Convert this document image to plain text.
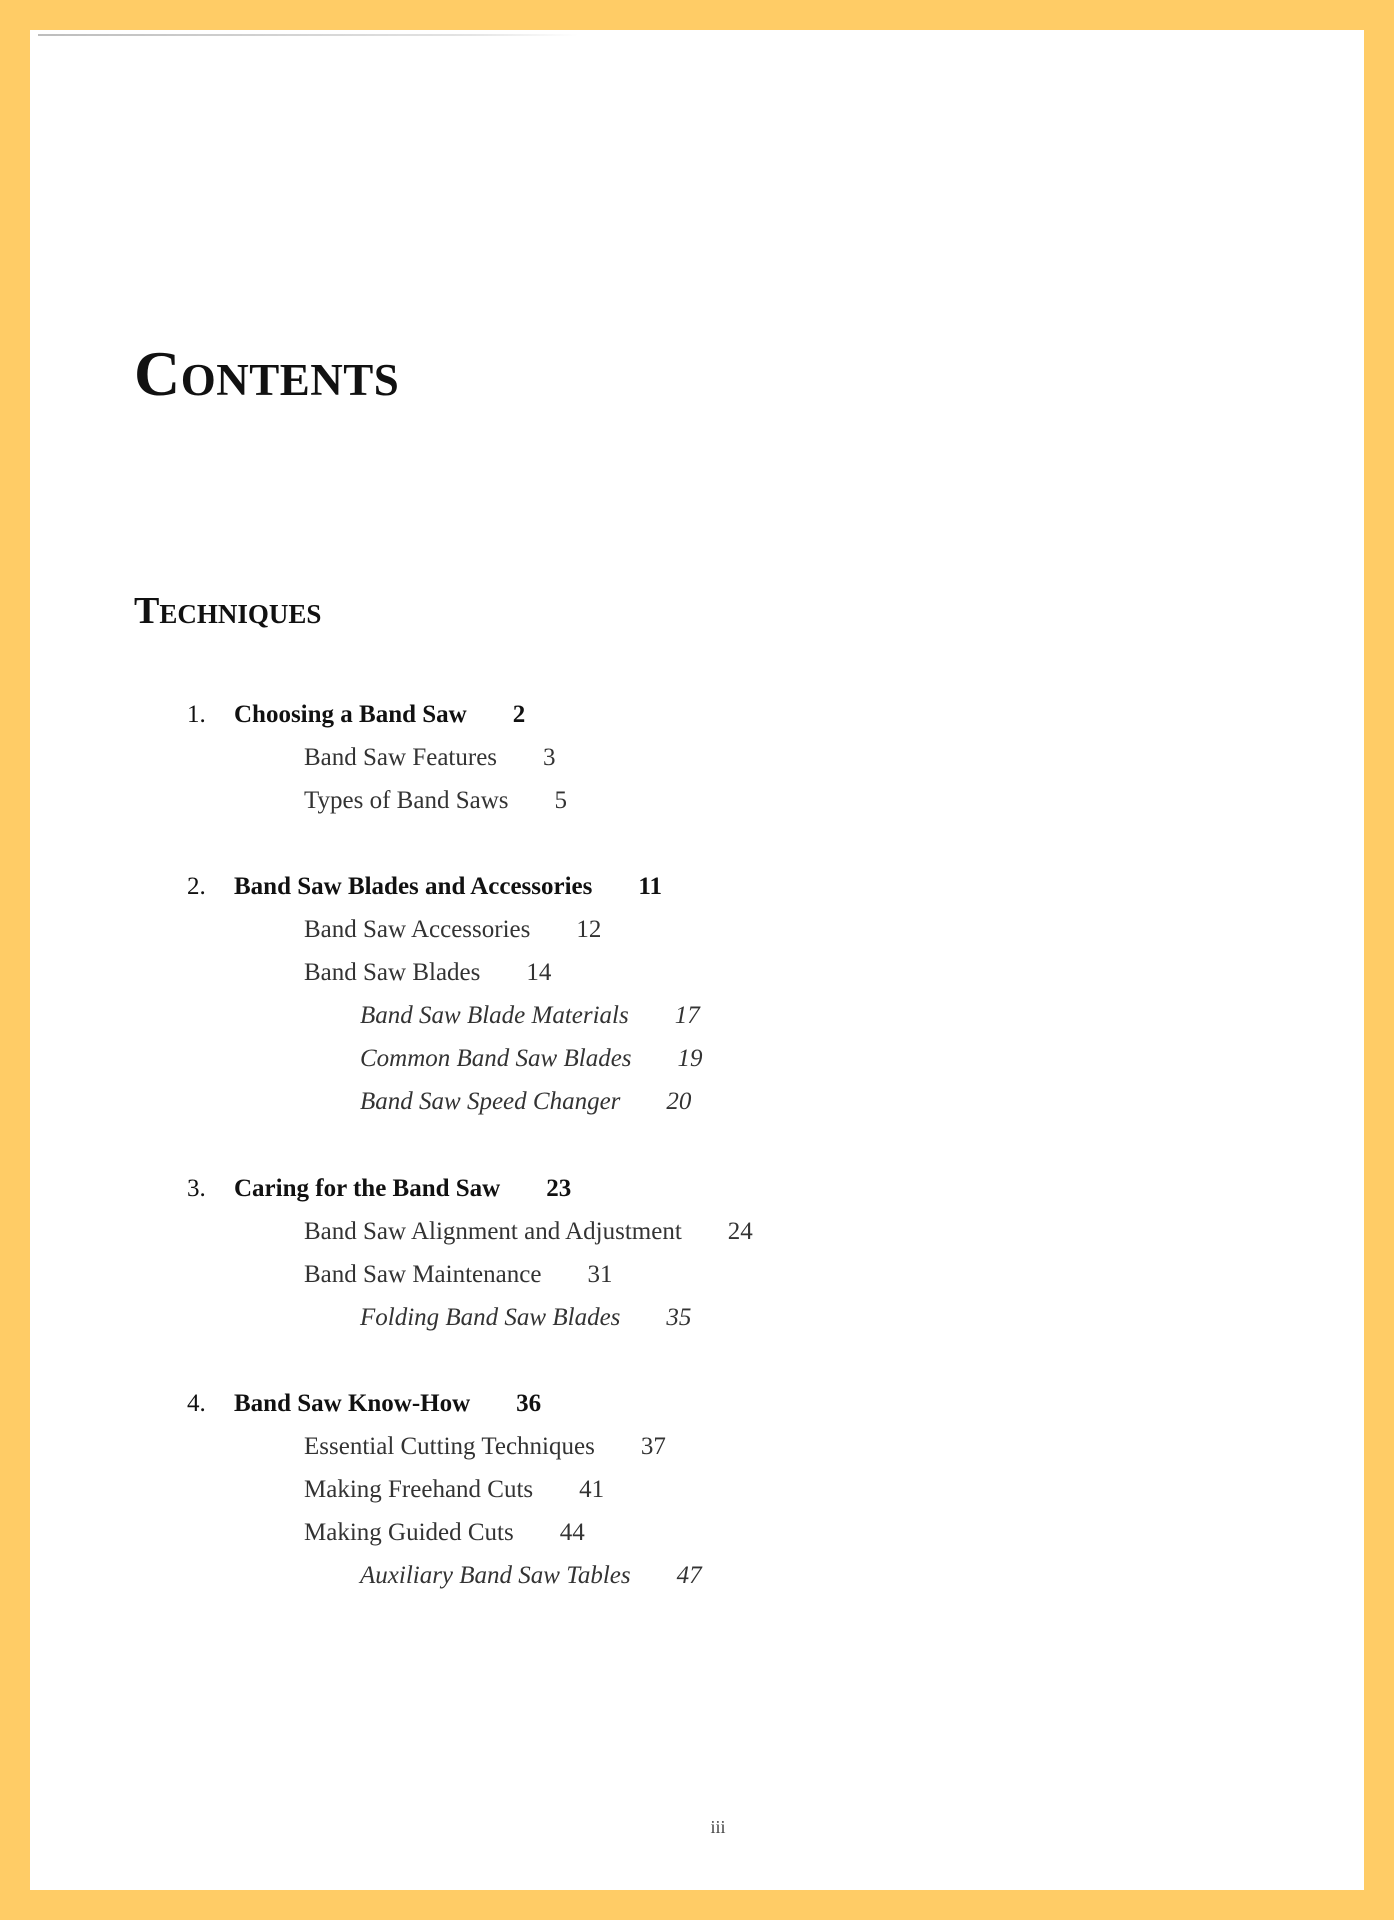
Contents
Techniques
1. Choosing a Band Saw 2
Band Saw Features 3
Types of Band Saws 5
2. Band Saw Blades and Accessories 11
Band Saw Accessories 12
Band Saw Blades 14
Band Saw Blade Materials 17
Common Band Saw Blades 19
Band Saw Speed Changer 20
3. Caring for the Band Saw 23
Band Saw Alignment and Adjustment 24
Band Saw Maintenance 31
Folding Band Saw Blades 35
4. Band Saw Know-How 36
Essential Cutting Techniques 37
Making Freehand Cuts 41
Making Guided Cuts 44
Auxiliary Band Saw Tables 47
iii
